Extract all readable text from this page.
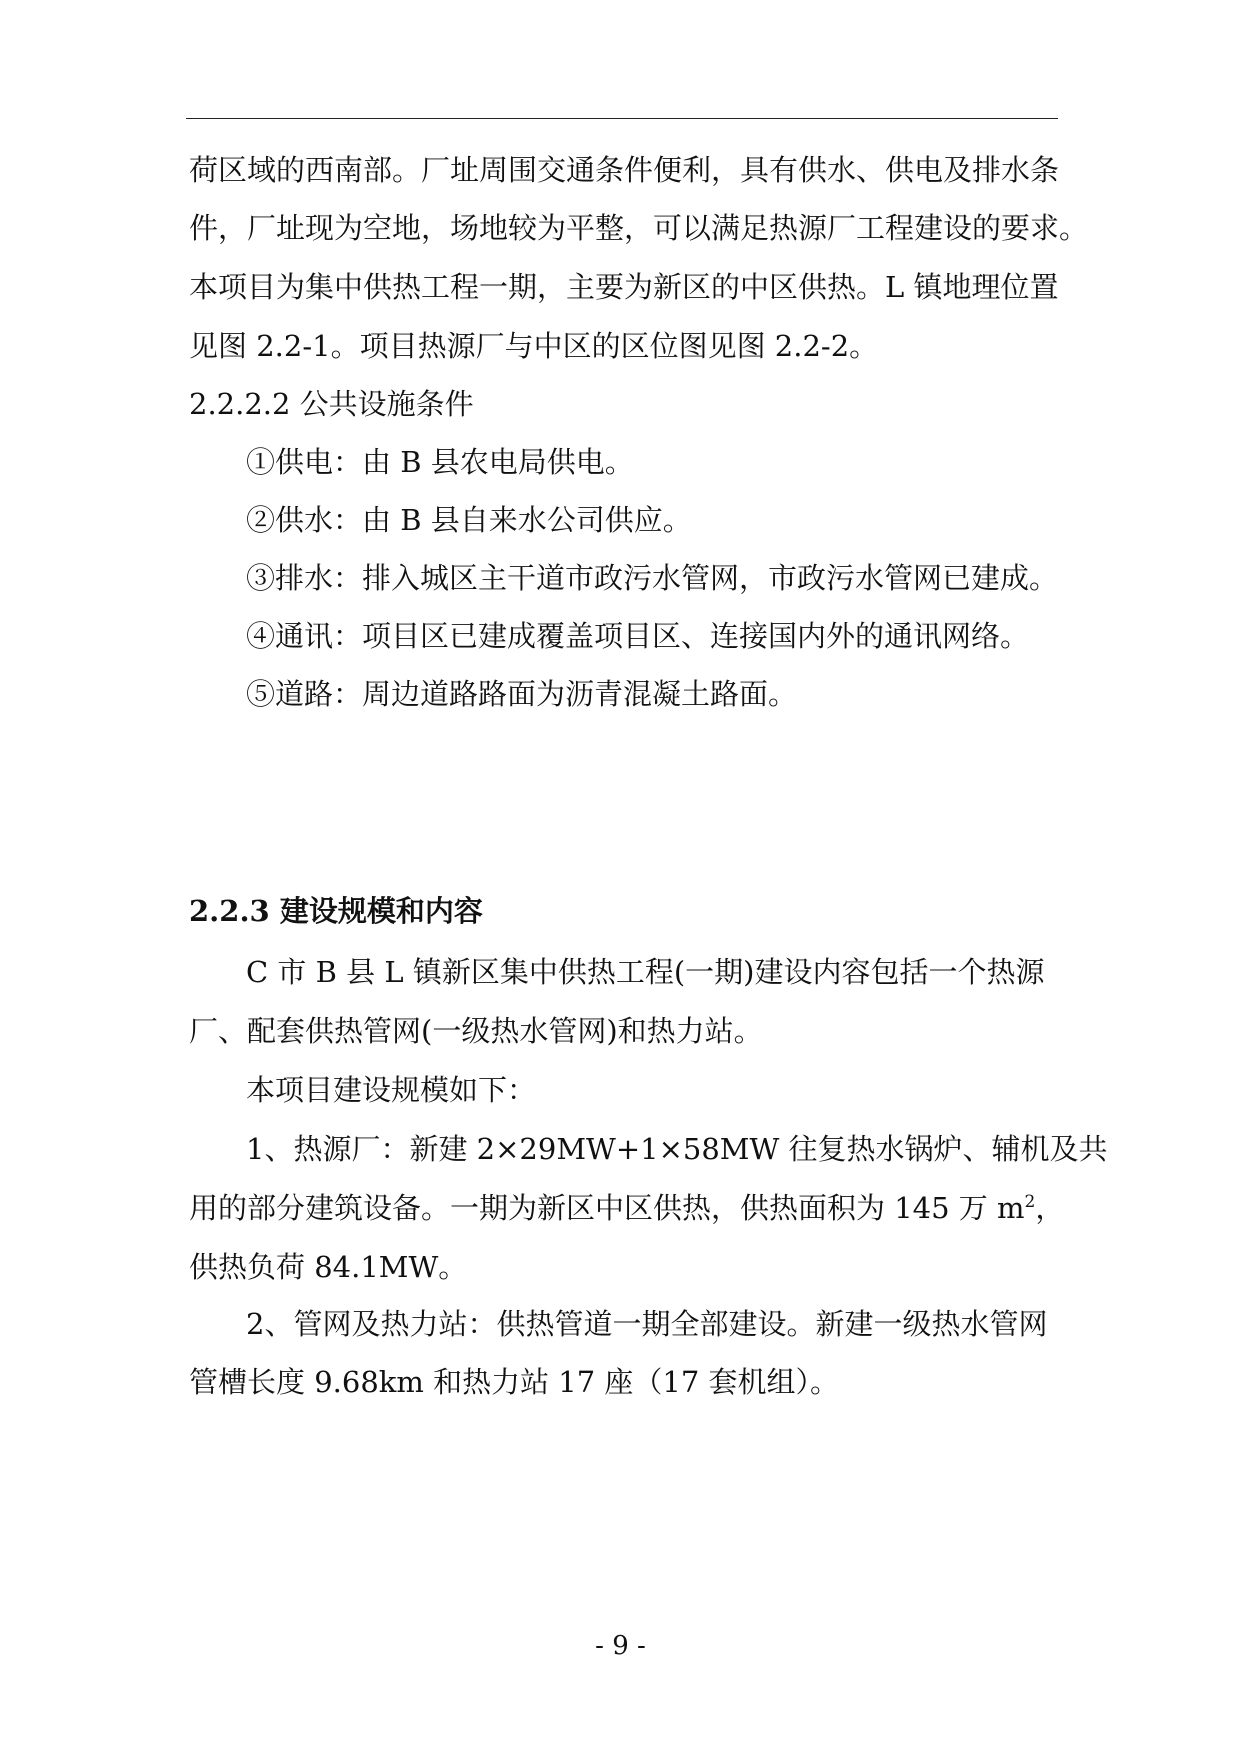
荷区域的西南部。厂址周围交通条件便利，具有供水、供电及排水条
件，厂址现为空地，场地较为平整，可以满足热源厂工程建设的要求。
本项目为集中供热工程一期，主要为新区的中区供热。L 镇地理位置
见图 2.2-1。项目热源厂与中区的区位图见图 2.2-2。
2.2.2.2 公共设施条件
①供电：由 B 县农电局供电。
②供水：由 B 县自来水公司供应。
③排水：排入城区主干道市政污水管网，市政污水管网已建成。
④通讯：项目区已建成覆盖项目区、连接国内外的通讯网络。
⑤道路：周边道路路面为沥青混凝土路面。
2.2.3 建设规模和内容
C 市 B 县 L 镇新区集中供热工程(一期)建设内容包括一个热源
厂、配套供热管网(一级热水管网)和热力站。
本项目建设规模如下：
1、热源厂：新建 2×29MW+1×58MW 往复热水锅炉、辅机及共
用的部分建筑设备。一期为新区中区供热，供热面积为 145 万 $m^2$，
供热负荷 84.1MW。
2、管网及热力站：供热管道一期全部建设。新建一级热水管网
管槽长度 9.68km 和热力站 17 座（17 套机组）。
- 9 -
